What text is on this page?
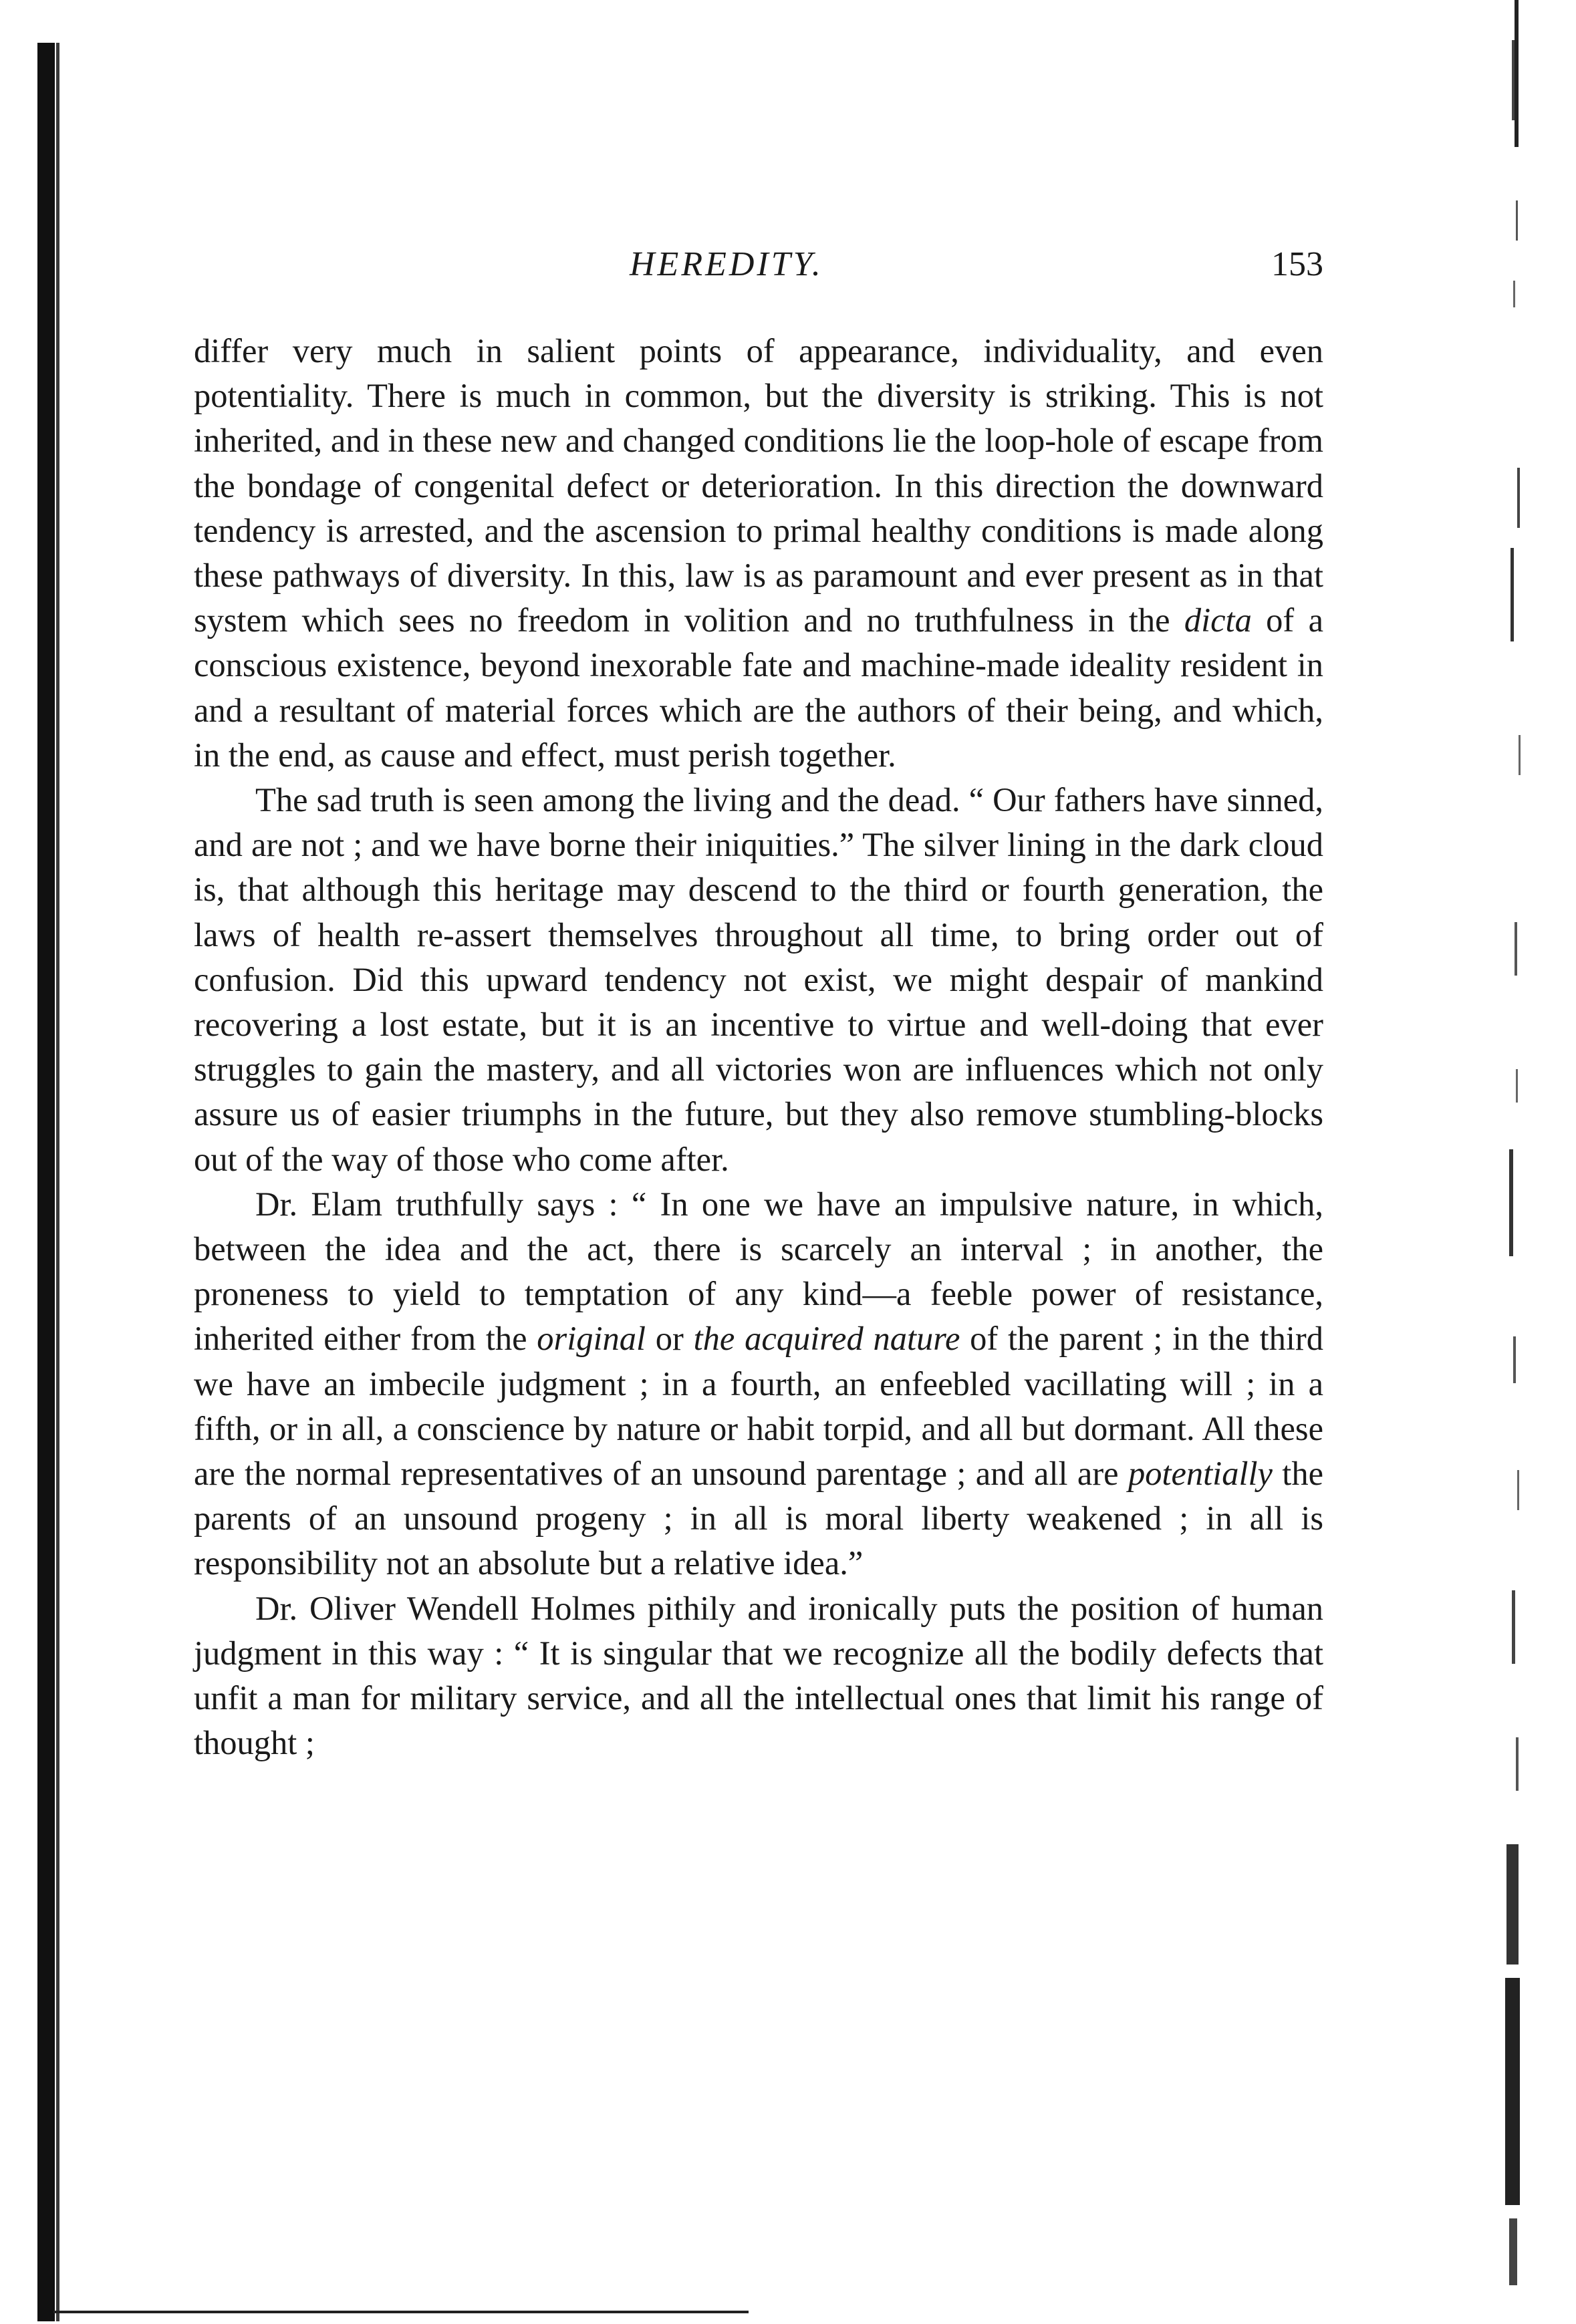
HEREDITY.	153

differ very much in salient points of appearance, individuality, and even potentiality. There is much in common, but the diversity is striking. This is not inherited, and in these new and changed conditions lie the loop-hole of escape from the bondage of congenital defect or deterioration. In this direction the downward tendency is arrested, and the ascension to primal healthy conditions is made along these pathways of diversity. In this, law is as paramount and ever present as in that system which sees no freedom in volition and no truthfulness in the dicta of a conscious existence, beyond inexorable fate and machine-made ideality resident in and a resultant of material forces which are the authors of their being, and which, in the end, as cause and effect, must perish together.

The sad truth is seen among the living and the dead. “ Our fathers have sinned, and are not ; and we have borne their iniquities.” The silver lining in the dark cloud is, that although this heritage may descend to the third or fourth generation, the laws of health re-assert themselves throughout all time, to bring order out of confusion. Did this upward tendency not exist, we might despair of mankind recovering a lost estate, but it is an incentive to virtue and well-doing that ever struggles to gain the mastery, and all victories won are influences which not only assure us of easier triumphs in the future, but they also remove stumbling-blocks out of the way of those who come after.

Dr. Elam truthfully says : “ In one we have an impulsive nature, in which, between the idea and the act, there is scarcely an interval ; in another, the proneness to yield to temptation of any kind—a feeble power of resistance, inherited either from the original or the acquired nature of the parent ; in the third we have an imbecile judgment ; in a fourth, an enfeebled vacillating will ; in a fifth, or in all, a conscience by nature or habit torpid, and all but dormant. All these are the normal representatives of an unsound parentage ; and all are potentially the parents of an unsound progeny ; in all is moral liberty weakened ; in all is responsibility not an absolute but a relative idea.”

Dr. Oliver Wendell Holmes pithily and ironically puts the position of human judgment in this way : “ It is singular that we recognize all the bodily defects that unfit a man for military service, and all the intellectual ones that limit his range of thought ;
